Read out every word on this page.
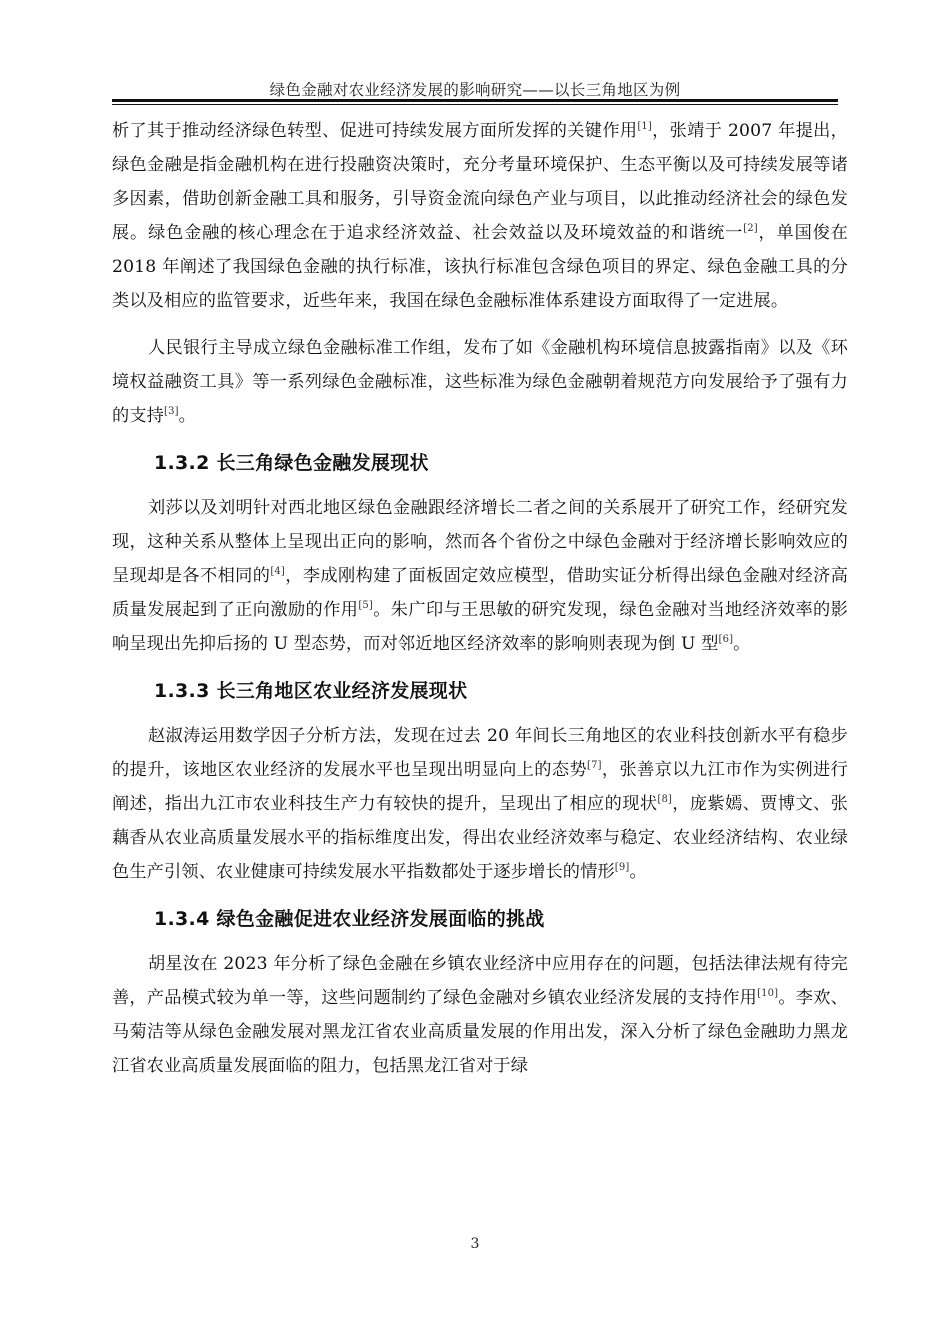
绿色金融对农业经济发展的影响研究——以长三角地区为例

析了其于推动经济绿色转型、促进可持续发展方面所发挥的关键作用[1]，张靖于 2007 年提出，绿色金融是指金融机构在进行投融资决策时，充分考量环境保护、生态平衡以及可持续发展等诸多因素，借助创新金融工具和服务，引导资金流向绿色产业与项目，以此推动经济社会的绿色发展。绿色金融的核心理念在于追求经济效益、社会效益以及环境效益的和谐统一[2]，单国俊在 2018 年阐述了我国绿色金融的执行标准，该执行标准包含绿色项目的界定、绿色金融工具的分类以及相应的监管要求，近些年来，我国在绿色金融标准体系建设方面取得了一定进展。

人民银行主导成立绿色金融标准工作组，发布了如《金融机构环境信息披露指南》以及《环境权益融资工具》等一系列绿色金融标准，这些标准为绿色金融朝着规范方向发展给予了强有力的支持[3]。

1.3.2 长三角绿色金融发展现状

刘莎以及刘明针对西北地区绿色金融跟经济增长二者之间的关系展开了研究工作，经研究发现，这种关系从整体上呈现出正向的影响，然而各个省份之中绿色金融对于经济增长影响效应的呈现却是各不相同的[4]，李成刚构建了面板固定效应模型，借助实证分析得出绿色金融对经济高质量发展起到了正向激励的作用[5]。朱广印与王思敏的研究发现，绿色金融对当地经济效率的影响呈现出先抑后扬的 U 型态势，而对邻近地区经济效率的影响则表现为倒 U 型[6]。

1.3.3 长三角地区农业经济发展现状

赵淑涛运用数学因子分析方法，发现在过去 20 年间长三角地区的农业科技创新水平有稳步的提升，该地区农业经济的发展水平也呈现出明显向上的态势[7]，张善京以九江市作为实例进行阐述，指出九江市农业科技生产力有较快的提升，呈现出了相应的现状[8]，庞紫嫣、贾博文、张藕香从农业高质量发展水平的指标维度出发，得出农业经济效率与稳定、农业经济结构、农业绿色生产引领、农业健康可持续发展水平指数都处于逐步增长的情形[9]。

1.3.4 绿色金融促进农业经济发展面临的挑战

胡星汝在 2023 年分析了绿色金融在乡镇农业经济中应用存在的问题，包括法律法规有待完善，产品模式较为单一等，这些问题制约了绿色金融对乡镇农业经济发展的支持作用[10]。李欢、马菊洁等从绿色金融发展对黑龙江省农业高质量发展的作用出发，深入分析了绿色金融助力黑龙江省农业高质量发展面临的阻力，包括黑龙江省对于绿

3
